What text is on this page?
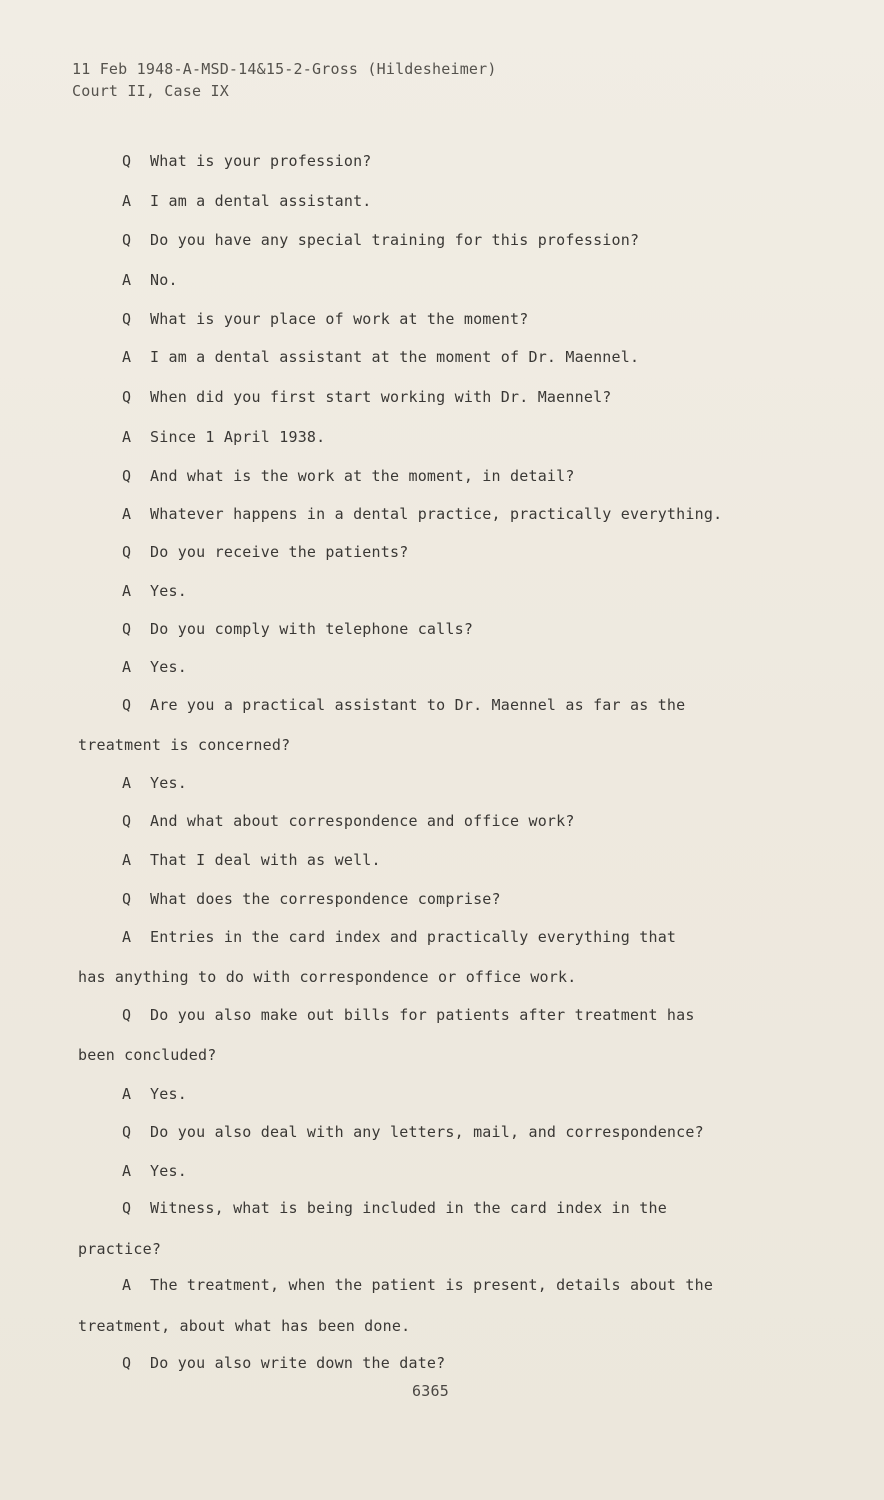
11 Feb 1948-A-MSD-14&15-2-Gross (Hildesheimer)
Court II, Case IX
Q What is your profession?
A I am a dental assistant.
Q Do you have any special training for this profession?
A No.
Q What is your place of work at the moment?
A I am a dental assistant at the moment of Dr. Maennel.
Q When did you first start working with Dr. Maennel?
A Since 1 April 1938.
Q And what is the work at the moment, in detail?
A Whatever happens in a dental practice, practically everything.
Q Do you receive the patients?
A Yes.
Q Do you comply with telephone calls?
A Yes.
Q Are you a practical assistant to Dr. Maennel as far as the
treatment is concerned?
A Yes.
Q And what about correspondence and office work?
A That I deal with as well.
Q What does the correspondence comprise?
A Entries in the card index and practically everything that
has anything to do with correspondence or office work.
Q Do you also make out bills for patients after treatment has
been concluded?
A Yes.
Q Do you also deal with any letters, mail, and correspondence?
A Yes.
Q Witness, what is being included in the card index in the
practice?
A The treatment, when the patient is present, details about the
treatment, about what has been done.
Q Do you also write down the date?
6365
